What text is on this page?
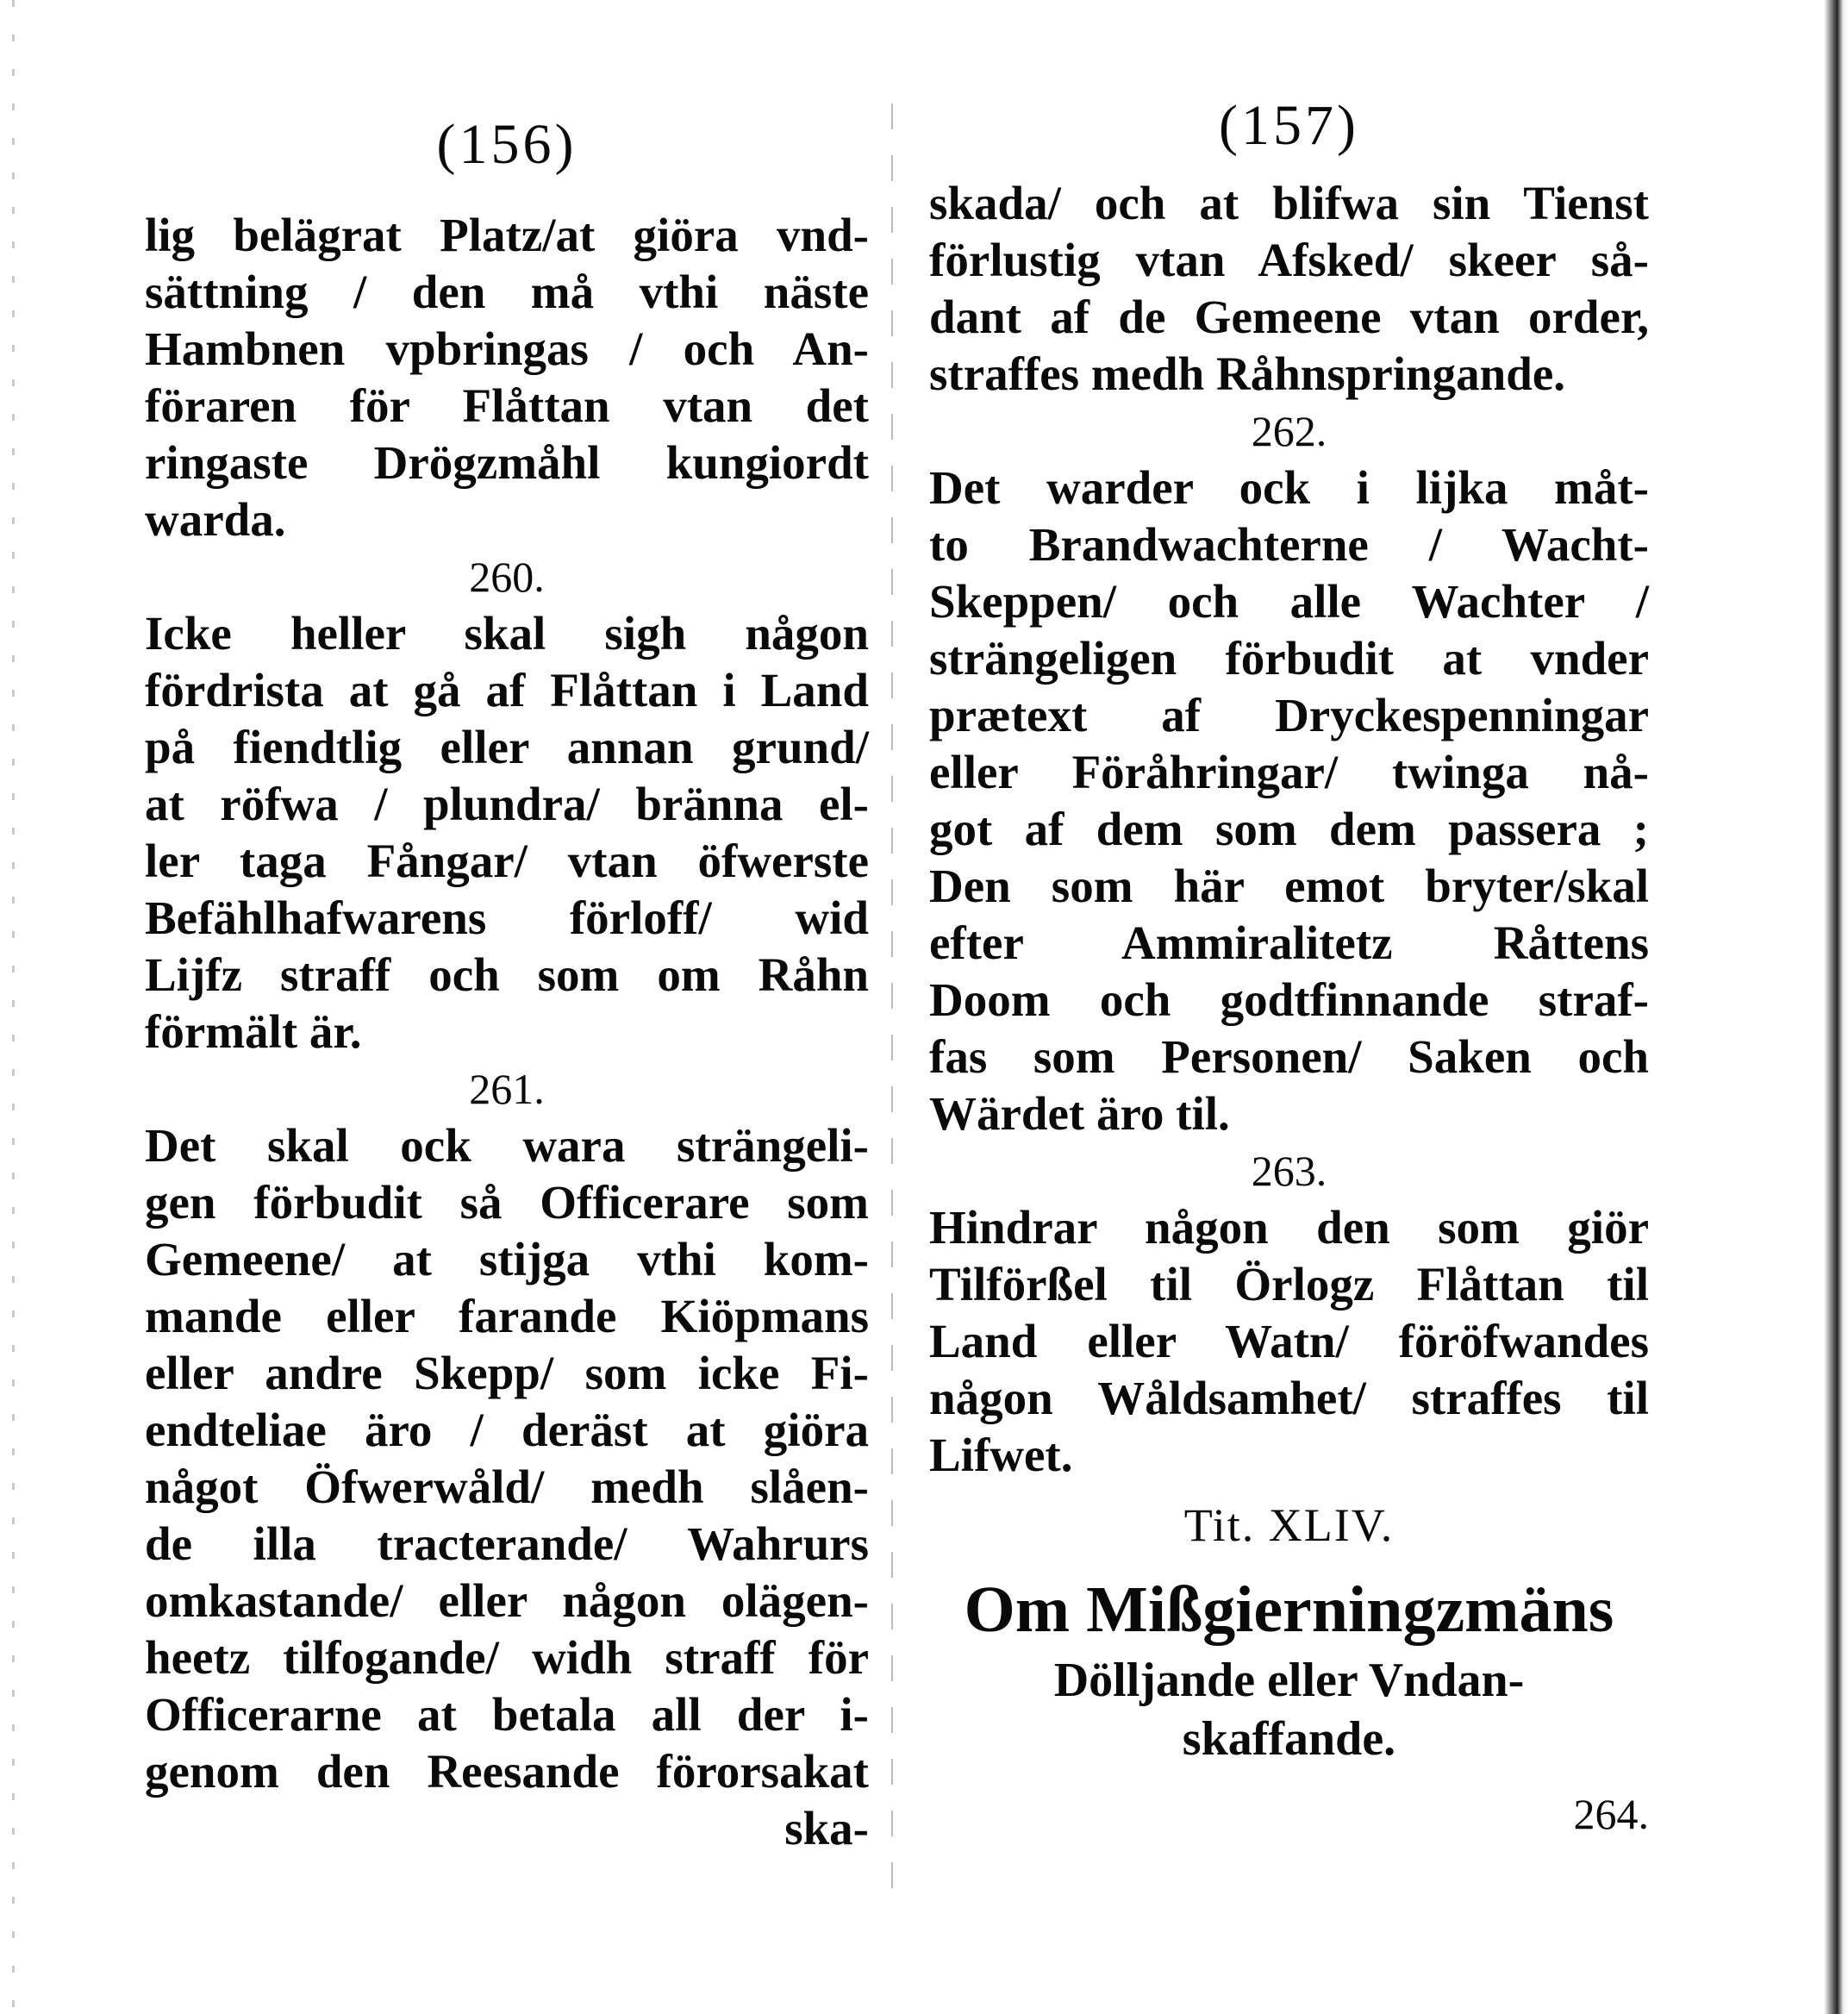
(156)
lig belägrat Platz/at giöra vnd-
sättning / den må vthi näste
Hambnen vpbringas / och An-
föraren för Flåttan vtan det
ringaste Drögzmåhl kungiordt
warda.
260.
Icke heller skal sigh någon
fördrista at gå af Flåttan i Land
på fiendtlig eller annan grund/
at röfwa / plundra/ bränna el-
ler taga Fångar/ vtan öfwerste
Befählhafwarens förloff/ wid
Lijfz straff och som om Råhn
förmält är.
261.
Det skal ock wara strängeli-
gen förbudit så Officerare som
Gemeene/ at stijga vthi kom-
mande eller farande Kiöpmans
eller andre Skepp/ som icke Fi-
endteliae äro / deräst at giöra
något Öfwerwåld/ medh slåen-
de illa tracterande/ Wahrurs
omkastande/ eller någon olägen-
heetz tilfogande/ widh straff för
Officerarne at betala all der i-
genom den Reesande förorsakat
ska-
(157)
skada/ och at blifwa sin Tienst
förlustig vtan Afsked/ skeer så-
dant af de Gemeene vtan order,
straffes medh Råhnspringande.
262.
Det warder ock i lijka måt-
to Brandwachterne / Wacht-
Skeppen/ och alle Wachter /
strängeligen förbudit at vnder
prætext af Dryckespenningar
eller Föråhringar/ twinga nå-
got af dem som dem passera ;
Den som här emot bryter/skal
efter Ammiralitetz Råttens
Doom och godtfinnande straf-
fas som Personen/ Saken och
Wärdet äro til.
263.
Hindrar någon den som giör
Tilförßel til Örlogz Flåttan til
Land eller Watn/ föröfwandes
någon Wåldsamhet/ straffes til
Lifwet.
Tit. XLIV.
Om Mißgierningzmäns
Dölljande eller Vndan-
skaffande.
264.
